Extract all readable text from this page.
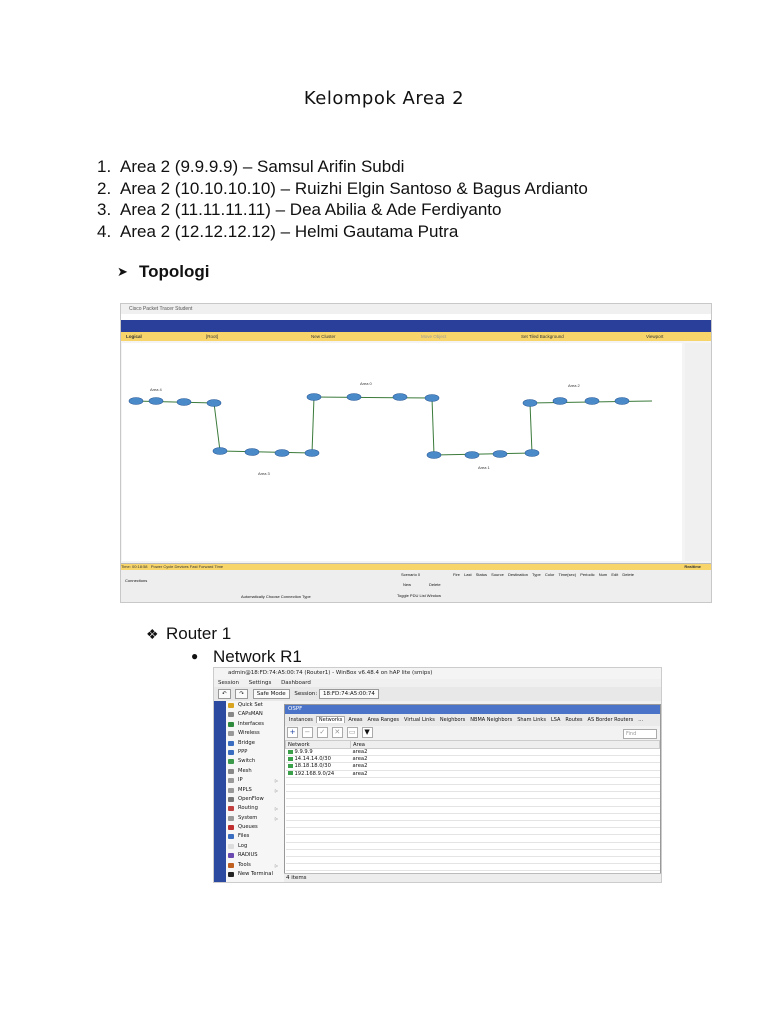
Kelompok Area 2
1. Area 2 (9.9.9.9) – Samsul Arifin Subdi
2. Area 2 (10.10.10.10) – Ruizhi Elgin Santoso & Bagus Ardianto
3. Area 2 (11.11.11.11) – Dea Abilia & Ade Ferdiyanto
4. Area 2 (12.12.12.12) – Helmi Gautama Putra
➤ Topologi
Cisco Packet Tracer Student
Logical	[Root]	New Cluster	Move Object	Set Tiled Background	Viewport
Area 4
Area 3
Area 0
Area 1
Area 2
Time: 00:18:58 Power Cycle Devices Fast Forward Time	Realtime
Connections
Automatically Choose Connection Type
Scenario 0
New	Delete
Toggle PDU List Window
Fire Last Status Source Destination Type Color Time(sec) Periodic Num Edit Delete
❖ Router 1
● Network R1
admin@18:FD:74:A5:00:74 (Router1) - WinBox v6.48.4 on hAP lite (smips)
Session Settings Dashboard
↶ ↷ Safe Mode Session: 18:FD:74:A5:00:74
Quick Set
CAPsMAN
Interfaces
Wireless
Bridge
PPP
Switch
Mesh
IP	▷
MPLS	▷
OpenFlow
Routing	▷
System	▷
Queues
Files
Log
RADIUS
Tools	▷
New Terminal
OSPF
Instances Networks Areas Area Ranges Virtual Links Neighbors NBMA Neighbors Sham Links LSA Routes AS Border Routers ...
+ − ✓ ✕ ▭ ▼	Find
Network	Area
9.9.9.9	area2
14.14.14.0/30	area2
18.18.18.0/30	area2
192.168.9.0/24	area2

4 items
